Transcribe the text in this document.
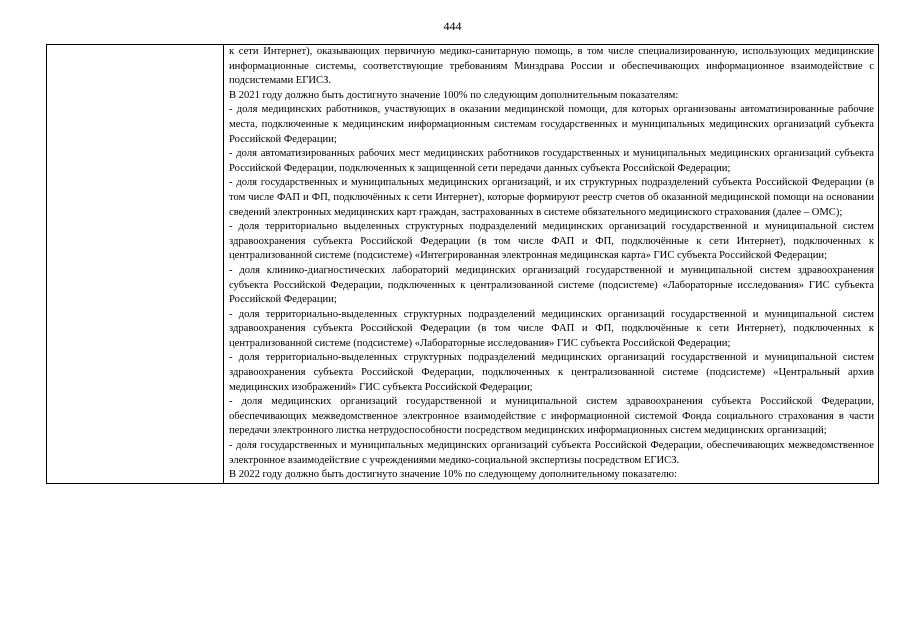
444

к сети Интернет), оказывающих первичную медико-санитарную помощь, в том числе специализированную, использующих медицинские информационные системы, соответствующие требованиям Минздрава России и обеспечивающих информационное взаимодействие с подсистемами ЕГИСЗ.

В 2021 году должно быть достигнуто значение 100% по следующим дополнительным показателям:

- доля медицинских работников, участвующих в оказании медицинской помощи, для которых организованы автоматизированные рабочие места, подключенные к медицинским информационным системам государственных и муниципальных медицинских организаций субъекта Российской Федерации;

- доля автоматизированных рабочих мест медицинских работников государственных и муниципальных медицинских организаций субъекта Российской Федерации, подключенных к защищенной сети передачи данных субъекта Российской Федерации;

- доля государственных и муниципальных медицинских организаций, и их структурных подразделений субъекта Российской Федерации (в том числе ФАП и ФП, подключённых к сети Интернет), которые формируют реестр счетов об оказанной медицинской помощи на основании сведений электронных медицинских карт граждан, застрахованных в системе обязательного медицинского страхования (далее – ОМС);

- доля территориально выделенных структурных подразделений медицинских организаций государственной и муниципальной систем здравоохранения субъекта Российской Федерации (в том числе ФАП и ФП, подключённые к сети Интернет), подключенных к централизованной системе (подсистеме) «Интегрированная электронная медицинская карта» ГИС субъекта Российской Федерации;

- доля клинико-диагностических лабораторий медицинских организаций государственной и муниципальной систем здравоохранения субъекта Российской Федерации, подключенных к централизованной системе (подсистеме) «Лабораторные исследования» ГИС субъекта Российской Федерации;

- доля территориально-выделенных структурных подразделений медицинских организаций государственной и муниципальной систем здравоохранения субъекта Российской Федерации (в том числе ФАП и ФП, подключённые к сети Интернет), подключенных к централизованной системе (подсистеме) «Лабораторные исследования» ГИС субъекта Российской Федерации;

- доля территориально-выделенных структурных подразделений медицинских организаций государственной и муниципальной систем здравоохранения субъекта Российской Федерации, подключенных к централизованной системе (подсистеме) «Центральный архив медицинских изображений» ГИС субъекта Российской Федерации;

- доля медицинских организаций государственной и муниципальной систем здравоохранения субъекта Российской Федерации, обеспечивающих межведомственное электронное взаимодействие с информационной системой Фонда социального страхования в части передачи электронного листка нетрудоспособности посредством медицинских информационных систем медицинских организаций;

- доля государственных и муниципальных медицинских организаций субъекта Российской Федерации, обеспечивающих межведомственное электронное взаимодействие с учреждениями медико-социальной экспертизы посредством ЕГИСЗ.

В 2022 году должно быть достигнуто значение 10% по следующему дополнительному показателю:
